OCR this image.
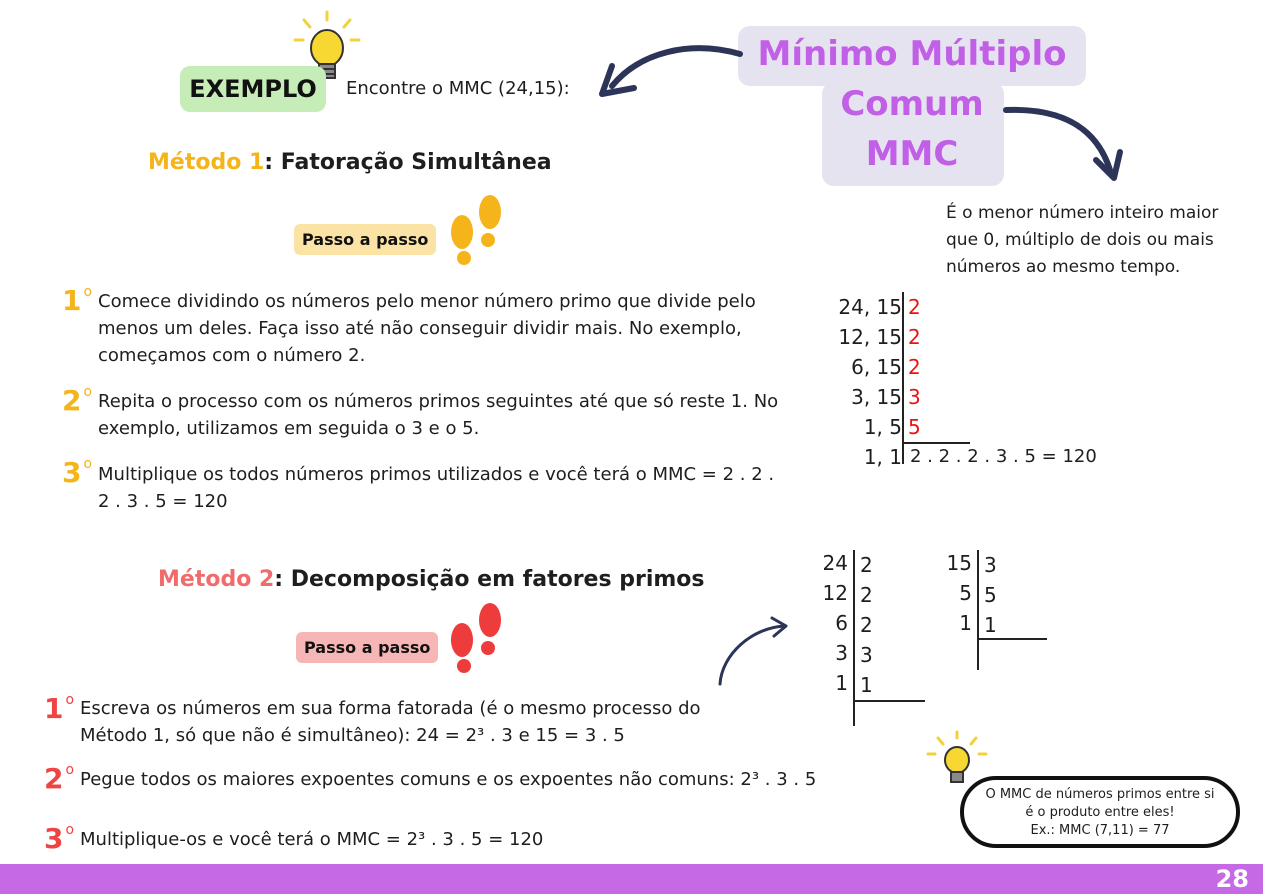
Mínimo Múltiplo
Comum
MMC
EXEMPLO	Encontre o MMC (24,15):
É o menor número inteiro maior
que 0, múltiplo de dois ou mais
números ao mesmo tempo.
Método 1: Fatoração Simultânea
Passo a passo
1 $^o$ Comece dividindo os números pelo menor número primo que divide pelo
menos um deles. Faça isso até não conseguir dividir mais. No exemplo,
começamos com o número 2.
2 $^o$ Repita o processo com os números primos seguintes até que só reste 1. No
exemplo, utilizamos em seguida o 3 e o 5.
3 $^o$ Multiplique os todos números primos utilizados e você terá o MMC = 2 . 2 .
2 . 3 . 5 = 120
24, 15
12, 15
6, 15
3, 15
1, 5
1, 1
2
2
2
3
5
2 . 2 . 2 . 3 . 5 = 120
Método 2: Decomposição em fatores primos
Passo a passo
1 $^o$ Escreva os números em sua forma fatorada (é o mesmo processo do
Método 1, só que não é simultâneo): 24 = 2³ . 3 e 15 = 3 . 5
2 $^o$ Pegue todos os maiores expoentes comuns e os expoentes não comuns: 2³ . 3 . 5
3 $^o$ Multiplique-os e você terá o MMC = 2³ . 3 . 5 = 120
24
12
6
3
1
2
2
2
3
1
15
5
1
3
5
1
O MMC de números primos entre si
é o produto entre eles!
Ex.: MMC (7,11) = 77
28
